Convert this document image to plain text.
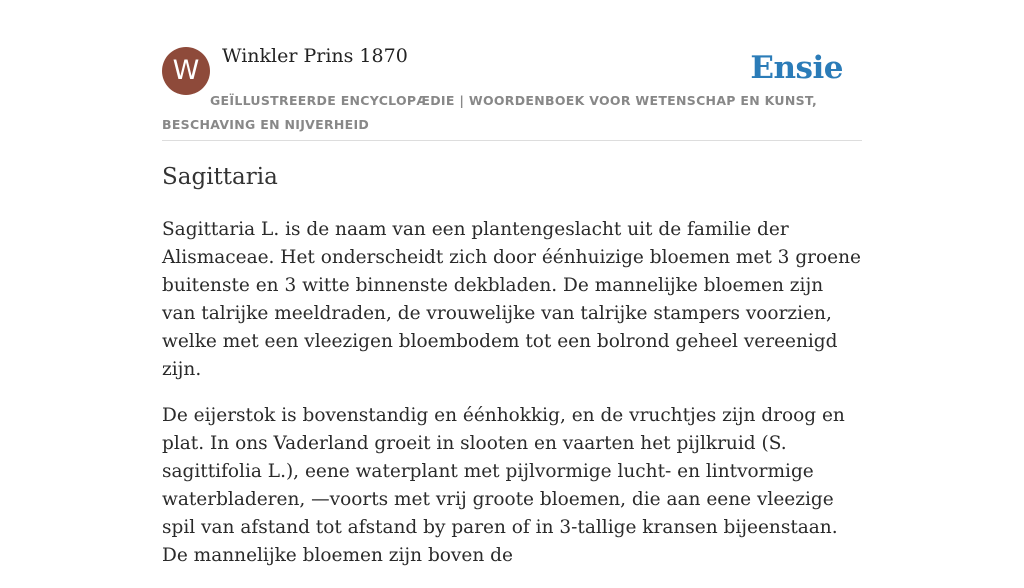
W	Winkler Prins 1870	Ensie
GEÏLLUSTREERDE ENCYCLOPÆDIE | WOORDENBOEK VOOR WETENSCHAP EN KUNST, BESCHAVING EN NIJVERHEID
Sagittaria

Sagittaria L. is de naam van een plantengeslacht uit de familie der Alismaceae. Het onderscheidt zich door éénhuizige bloemen met 3 groene buitenste en 3 witte binnenste dekbladen. De mannelijke bloemen zijn van talrijke meeldraden, de vrouwelijke van talrijke stampers voorzien, welke met een vleezigen bloembodem tot een bolrond geheel vereenigd zijn.

De eijerstok is bovenstandig en éénhokkig, en de vruchtjes zijn droog en plat. In ons Vaderland groeit in slooten en vaarten het pijlkruid (S. sagittifolia L.), eene waterplant met pijlvormige lucht- en lintvormige waterbladeren, —voorts met vrij groote bloemen, die aan eene vleezige spil van afstand tot afstand by paren of in 3-tallige kransen bijeenstaan. De mannelijke bloemen zijn boven de
